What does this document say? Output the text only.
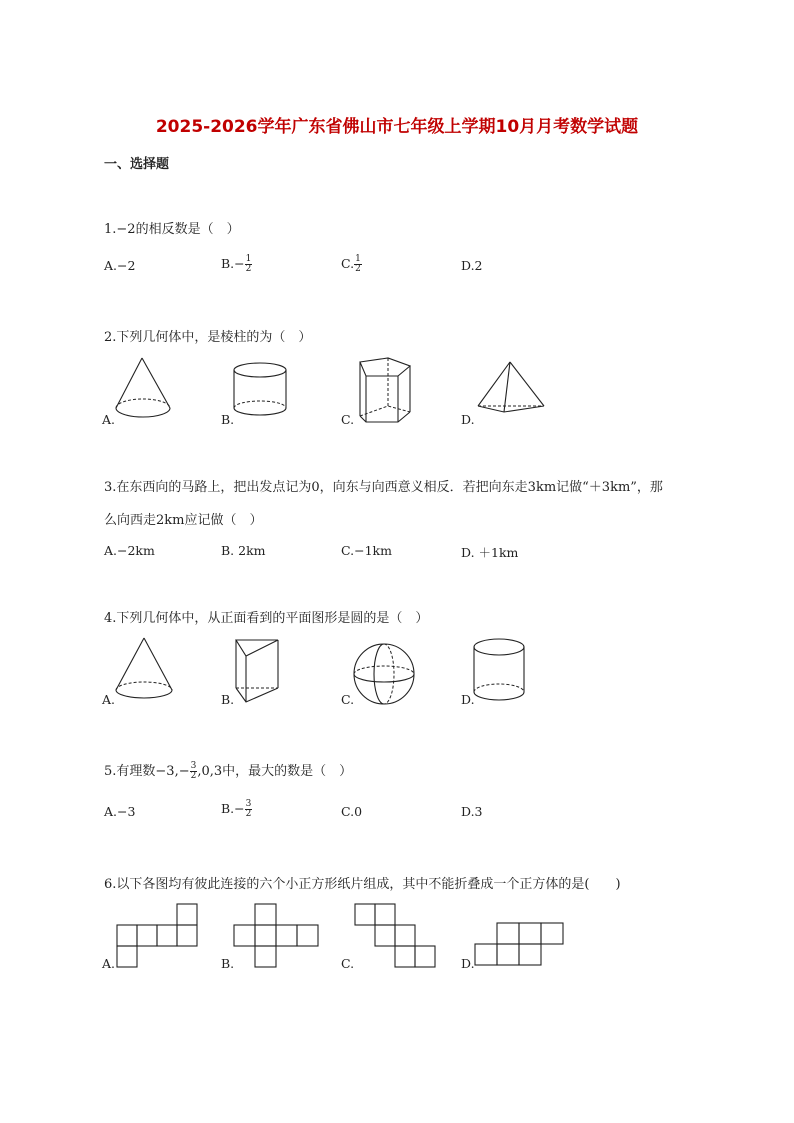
2025-2026学年广东省佛山市七年级上学期10月月考数学试题
一、选择题
1.−2的相反数是（　）
A.−2	$B.- \frac{1}{2}$	C. $\frac{1}{2}$	D.2
2.下列几何体中，是棱柱的为（　）
A.	B.	C.	D.
3.在东西向的马路上，把出发点记为0，向东与向西意义相反．若把向东走3km记做“＋3km”，那
么向西走2km应记做（　）
A.−2km	B. 2km	C.−1km	D. ＋1km
4.下列几何体中，从正面看到的平面图形是圆的是（　）
A.	B.	C.	D.
5.有理数$-3,- \frac{3}{2} ,0,3$中，最大的数是（　）
A.−3	$B.- \frac{3}{2}$	C.0	D.3
6.以下各图均有彼此连接的六个小正方形纸片组成，其中不能折叠成一个正方体的是(　　)
A.	B.	C.	D.
